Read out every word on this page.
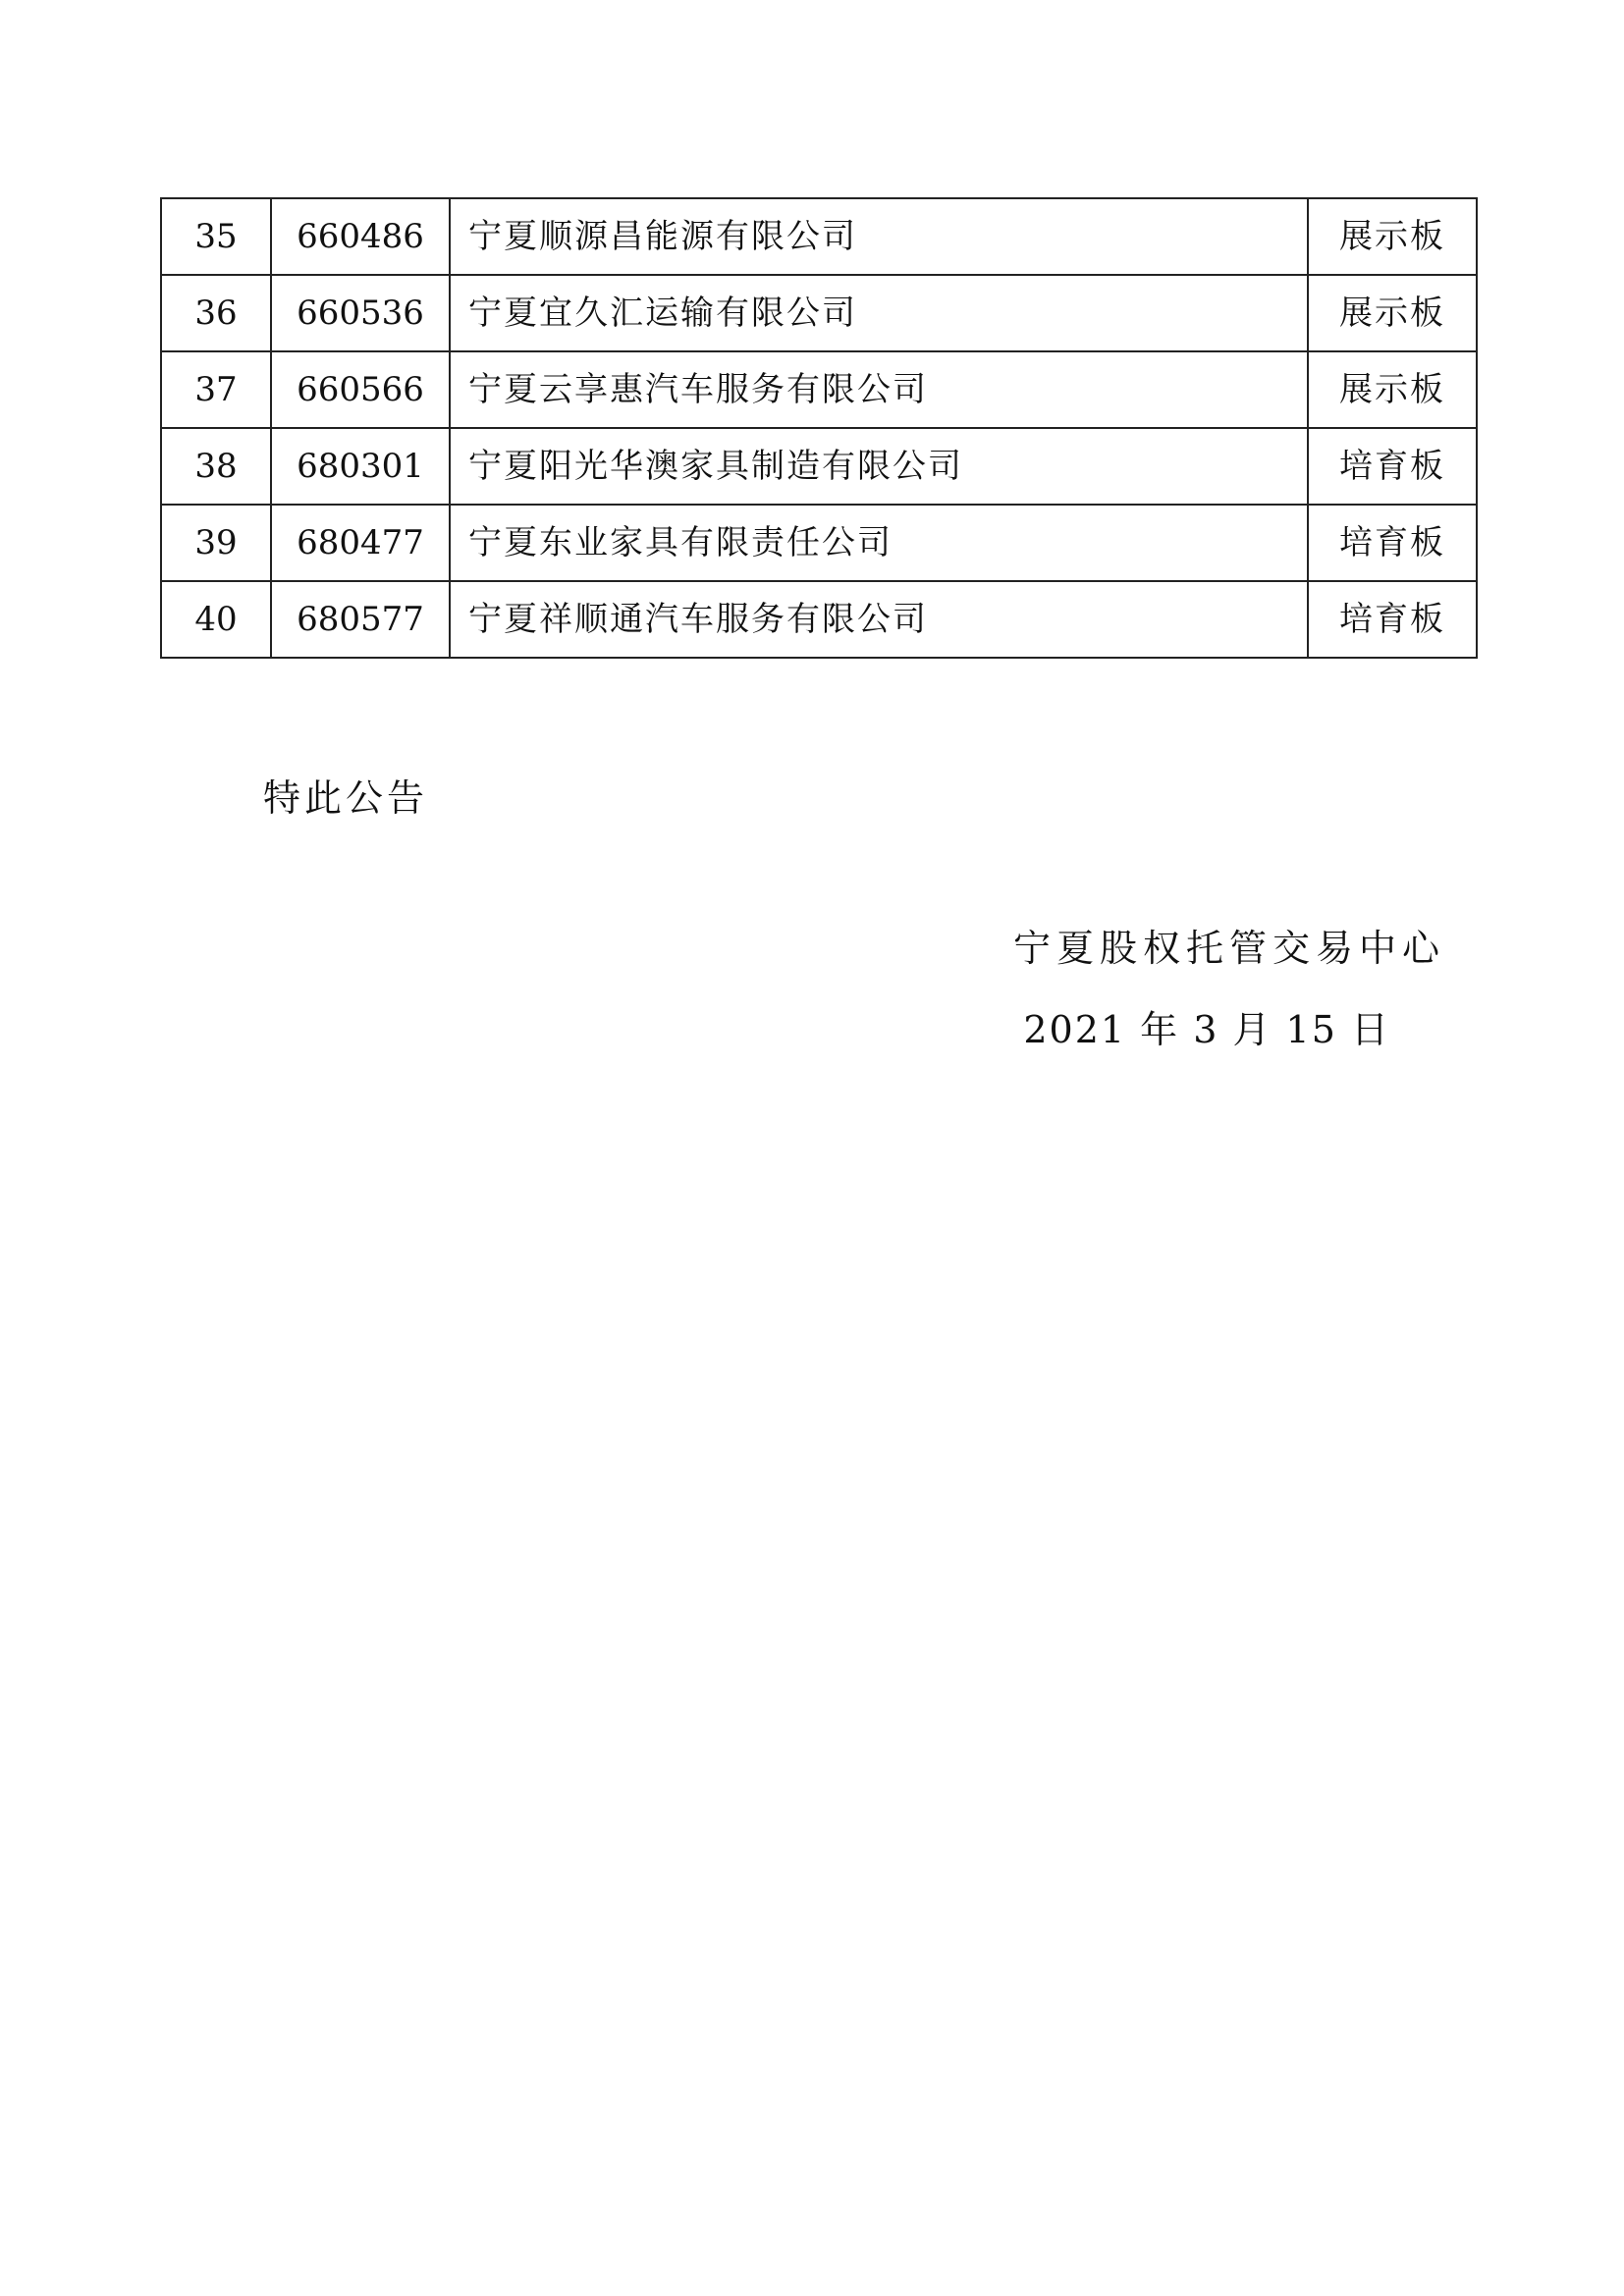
35	660486	宁夏顺源昌能源有限公司	展示板
36	660536	宁夏宜久汇运输有限公司	展示板
37	660566	宁夏云享惠汽车服务有限公司	展示板
38	680301	宁夏阳光华澳家具制造有限公司	培育板
39	680477	宁夏东业家具有限责任公司	培育板
40	680577	宁夏祥顺通汽车服务有限公司	培育板
特此公告
宁夏股权托管交易中心
2021 年 3 月 15 日
